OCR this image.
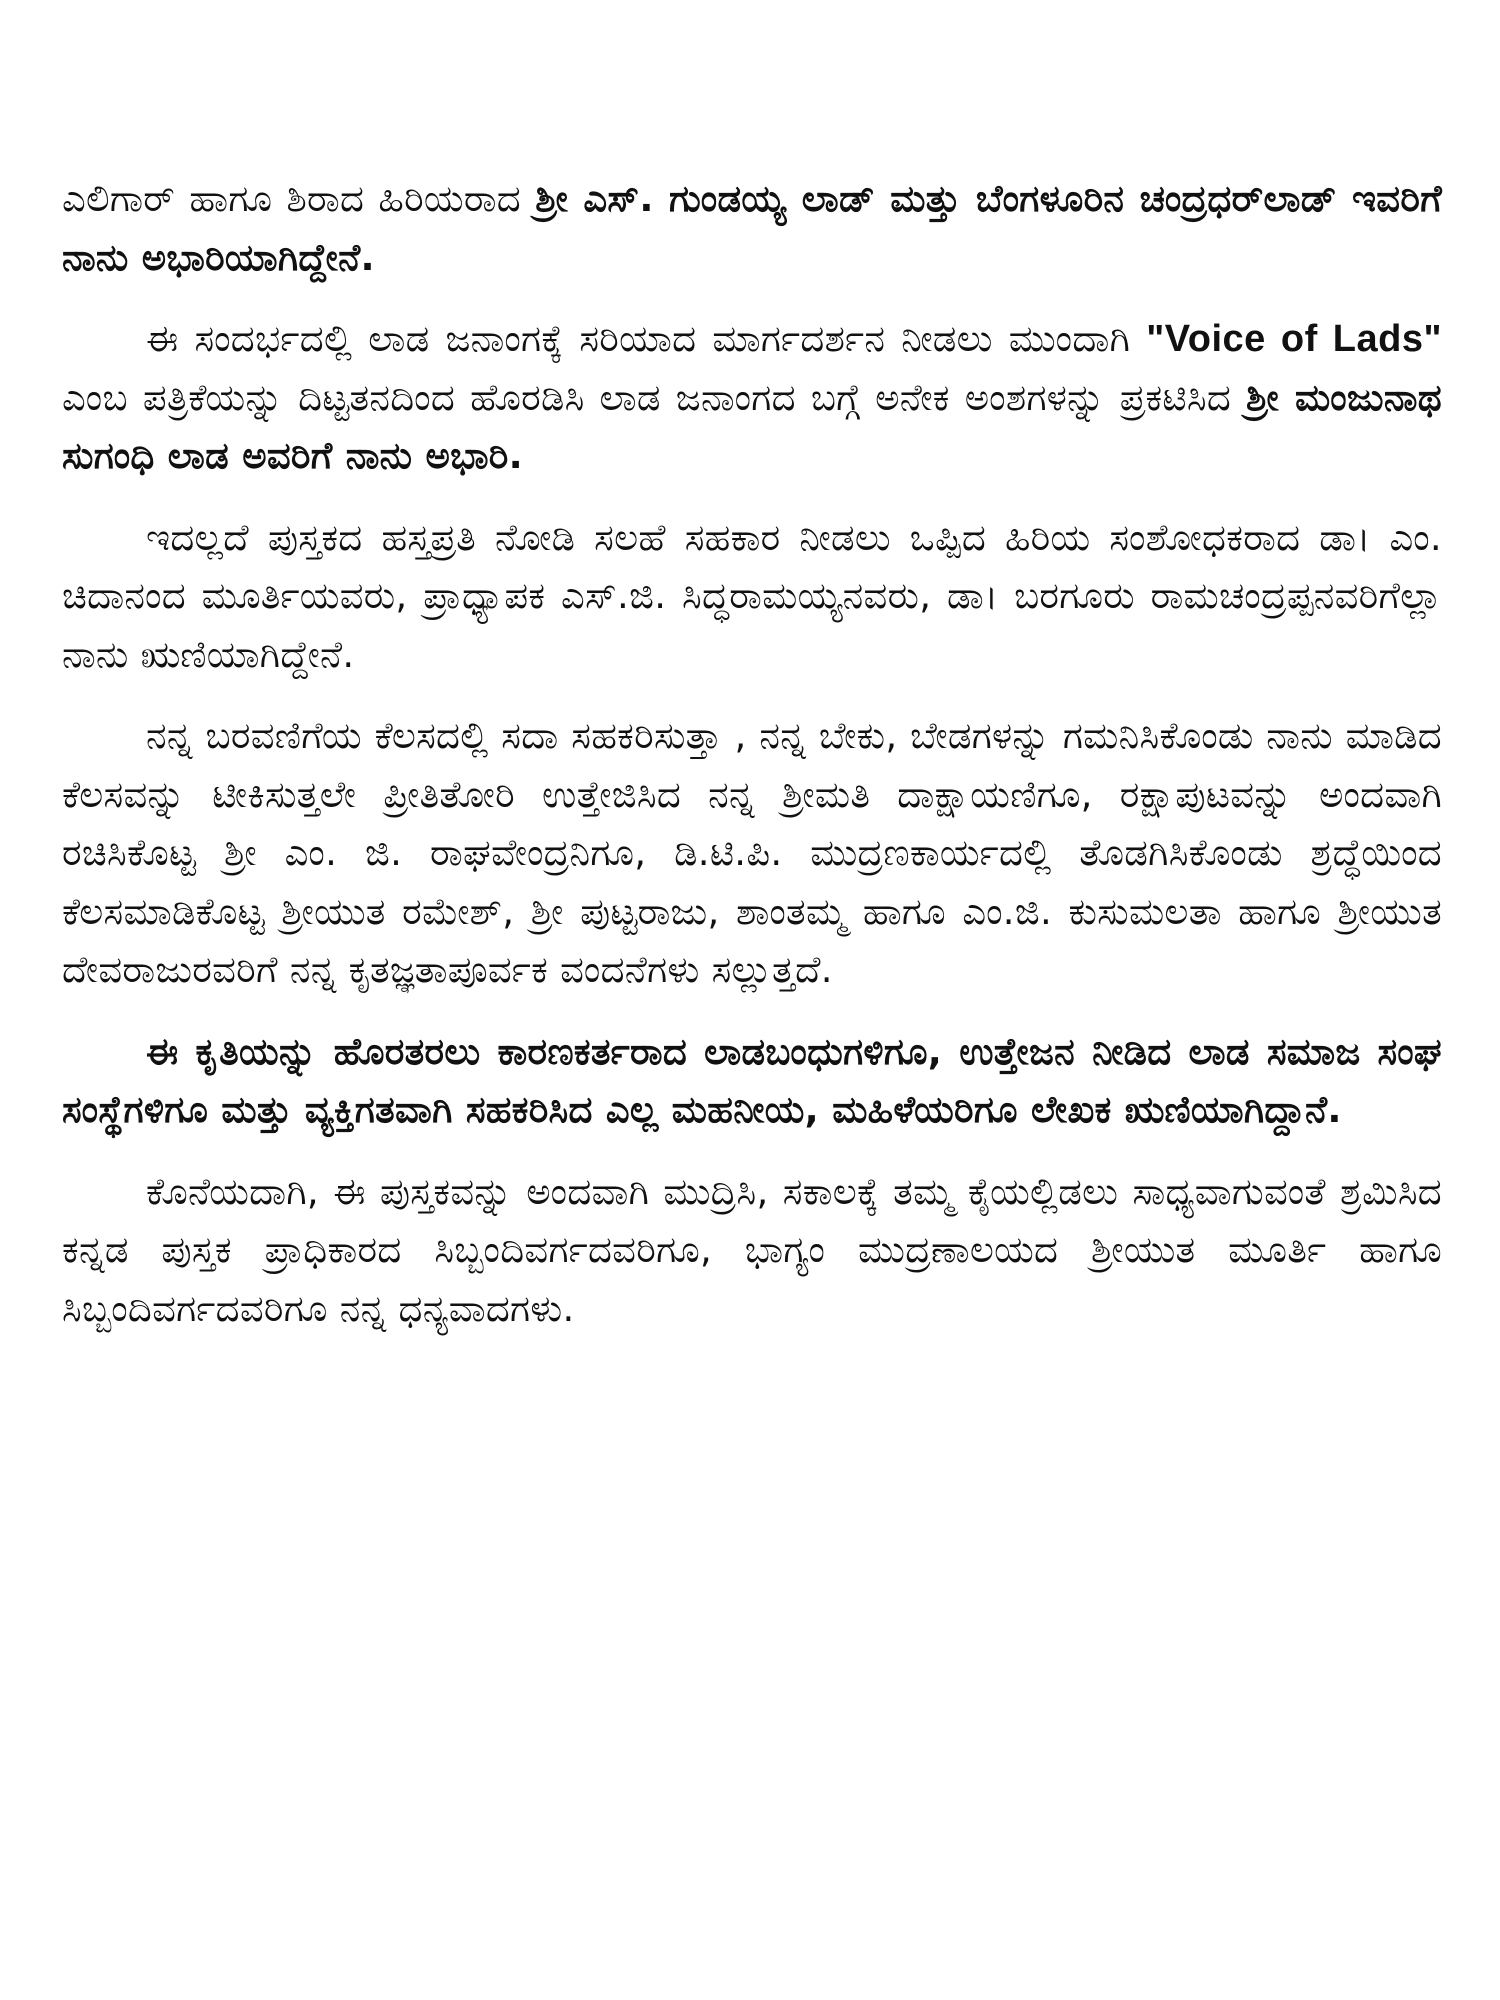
ಎಲಿಗಾರ್ ಹಾಗೂ ಶಿರಾದ ಹಿರಿಯರಾದ ಶ್ರೀ ಎಸ್. ಗುಂಡಯ್ಯ ಲಾಡ್ ಮತ್ತು ಬೆಂಗಳೂರಿನ ಚಂದ್ರಧರ್‌ಲಾಡ್ ಇವರಿಗೆ ನಾನು ಅಭಾರಿಯಾಗಿದ್ದೇನೆ.

ಈ ಸಂದರ್ಭದಲ್ಲಿ ಲಾಡ ಜನಾಂಗಕ್ಕೆ ಸರಿಯಾದ ಮಾರ್ಗದರ್ಶನ ನೀಡಲು ಮುಂದಾಗಿ "Voice of Lads" ಎಂಬ ಪತ್ರಿಕೆಯನ್ನು ದಿಟ್ಟತನದಿಂದ ಹೊರಡಿಸಿ ಲಾಡ ಜನಾಂಗದ ಬಗ್ಗೆ ಅನೇಕ ಅಂಶಗಳನ್ನು ಪ್ರಕಟಿಸಿದ ಶ್ರೀ ಮಂಜುನಾಥ ಸುಗಂಧಿ ಲಾಡ ಅವರಿಗೆ ನಾನು ಅಭಾರಿ.

ಇದಲ್ಲದೆ ಪುಸ್ತಕದ ಹಸ್ತಪ್ರತಿ ನೋಡಿ ಸಲಹೆ ಸಹಕಾರ ನೀಡಲು ಒಪ್ಪಿದ ಹಿರಿಯ ಸಂಶೋಧಕರಾದ ಡಾ। ಎಂ. ಚಿದಾನಂದ ಮೂರ್ತಿಯವರು, ಪ್ರಾಧ್ಯಾಪಕ ಎಸ್.ಜಿ. ಸಿದ್ಧರಾಮಯ್ಯನವರು, ಡಾ। ಬರಗೂರು ರಾಮಚಂದ್ರಪ್ಪನವರಿಗೆಲ್ಲಾ ನಾನು ಋಣಿಯಾಗಿದ್ದೇನೆ.

ನನ್ನ ಬರವಣಿಗೆಯ ಕೆಲಸದಲ್ಲಿ ಸದಾ ಸಹಕರಿಸುತ್ತಾ , ನನ್ನ ಬೇಕು, ಬೇಡಗಳನ್ನು ಗಮನಿಸಿಕೊಂಡು ನಾನು ಮಾಡಿದ ಕೆಲಸವನ್ನು ಟೀಕಿಸುತ್ತಲೇ ಪ್ರೀತಿತೋರಿ ಉತ್ತೇಜಿಸಿದ ನನ್ನ ಶ್ರೀಮತಿ ದಾಕ್ಷಾಯಣಿಗೂ, ರಕ್ಷಾಪುಟವನ್ನು ಅಂದವಾಗಿ ರಚಿಸಿಕೊಟ್ಟ ಶ್ರೀ ಎಂ. ಜಿ. ರಾಘವೇಂದ್ರನಿಗೂ, ಡಿ.ಟಿ.ಪಿ. ಮುದ್ರಣಕಾರ್ಯದಲ್ಲಿ ತೊಡಗಿಸಿಕೊಂಡು ಶ್ರದ್ಧೆಯಿಂದ ಕೆಲಸಮಾಡಿಕೊಟ್ಟ ಶ್ರೀಯುತ ರಮೇಶ್, ಶ್ರೀ ಪುಟ್ಟರಾಜು, ಶಾಂತಮ್ಮ ಹಾಗೂ ಎಂ.ಜಿ. ಕುಸುಮಲತಾ ಹಾಗೂ ಶ್ರೀಯುತ ದೇವರಾಜುರವರಿಗೆ ನನ್ನ ಕೃತಜ್ಞತಾಪೂರ್ವಕ ವಂದನೆಗಳು ಸಲ್ಲುತ್ತದೆ.

ಈ ಕೃತಿಯನ್ನು ಹೊರತರಲು ಕಾರಣಕರ್ತರಾದ ಲಾಡಬಂಧುಗಳಿಗೂ, ಉತ್ತೇಜನ ನೀಡಿದ ಲಾಡ ಸಮಾಜ ಸಂಘ ಸಂಸ್ಥೆಗಳಿಗೂ ಮತ್ತು ವ್ಯಕ್ತಿಗತವಾಗಿ ಸಹಕರಿಸಿದ ಎಲ್ಲ ಮಹನೀಯ, ಮಹಿಳೆಯರಿಗೂ ಲೇಖಕ ಋಣಿಯಾಗಿದ್ದಾನೆ.

ಕೊನೆಯದಾಗಿ, ಈ ಪುಸ್ತಕವನ್ನು ಅಂದವಾಗಿ ಮುದ್ರಿಸಿ, ಸಕಾಲಕ್ಕೆ ತಮ್ಮ ಕೈಯಲ್ಲಿಡಲು ಸಾಧ್ಯವಾಗುವಂತೆ ಶ್ರಮಿಸಿದ ಕನ್ನಡ ಪುಸ್ತಕ ಪ್ರಾಧಿಕಾರದ ಸಿಬ್ಬಂದಿವರ್ಗದವರಿಗೂ, ಭಾಗ್ಯಂ ಮುದ್ರಣಾಲಯದ ಶ್ರೀಯುತ ಮೂರ್ತಿ ಹಾಗೂ ಸಿಬ್ಬಂದಿವರ್ಗದವರಿಗೂ ನನ್ನ ಧನ್ಯವಾದಗಳು.
